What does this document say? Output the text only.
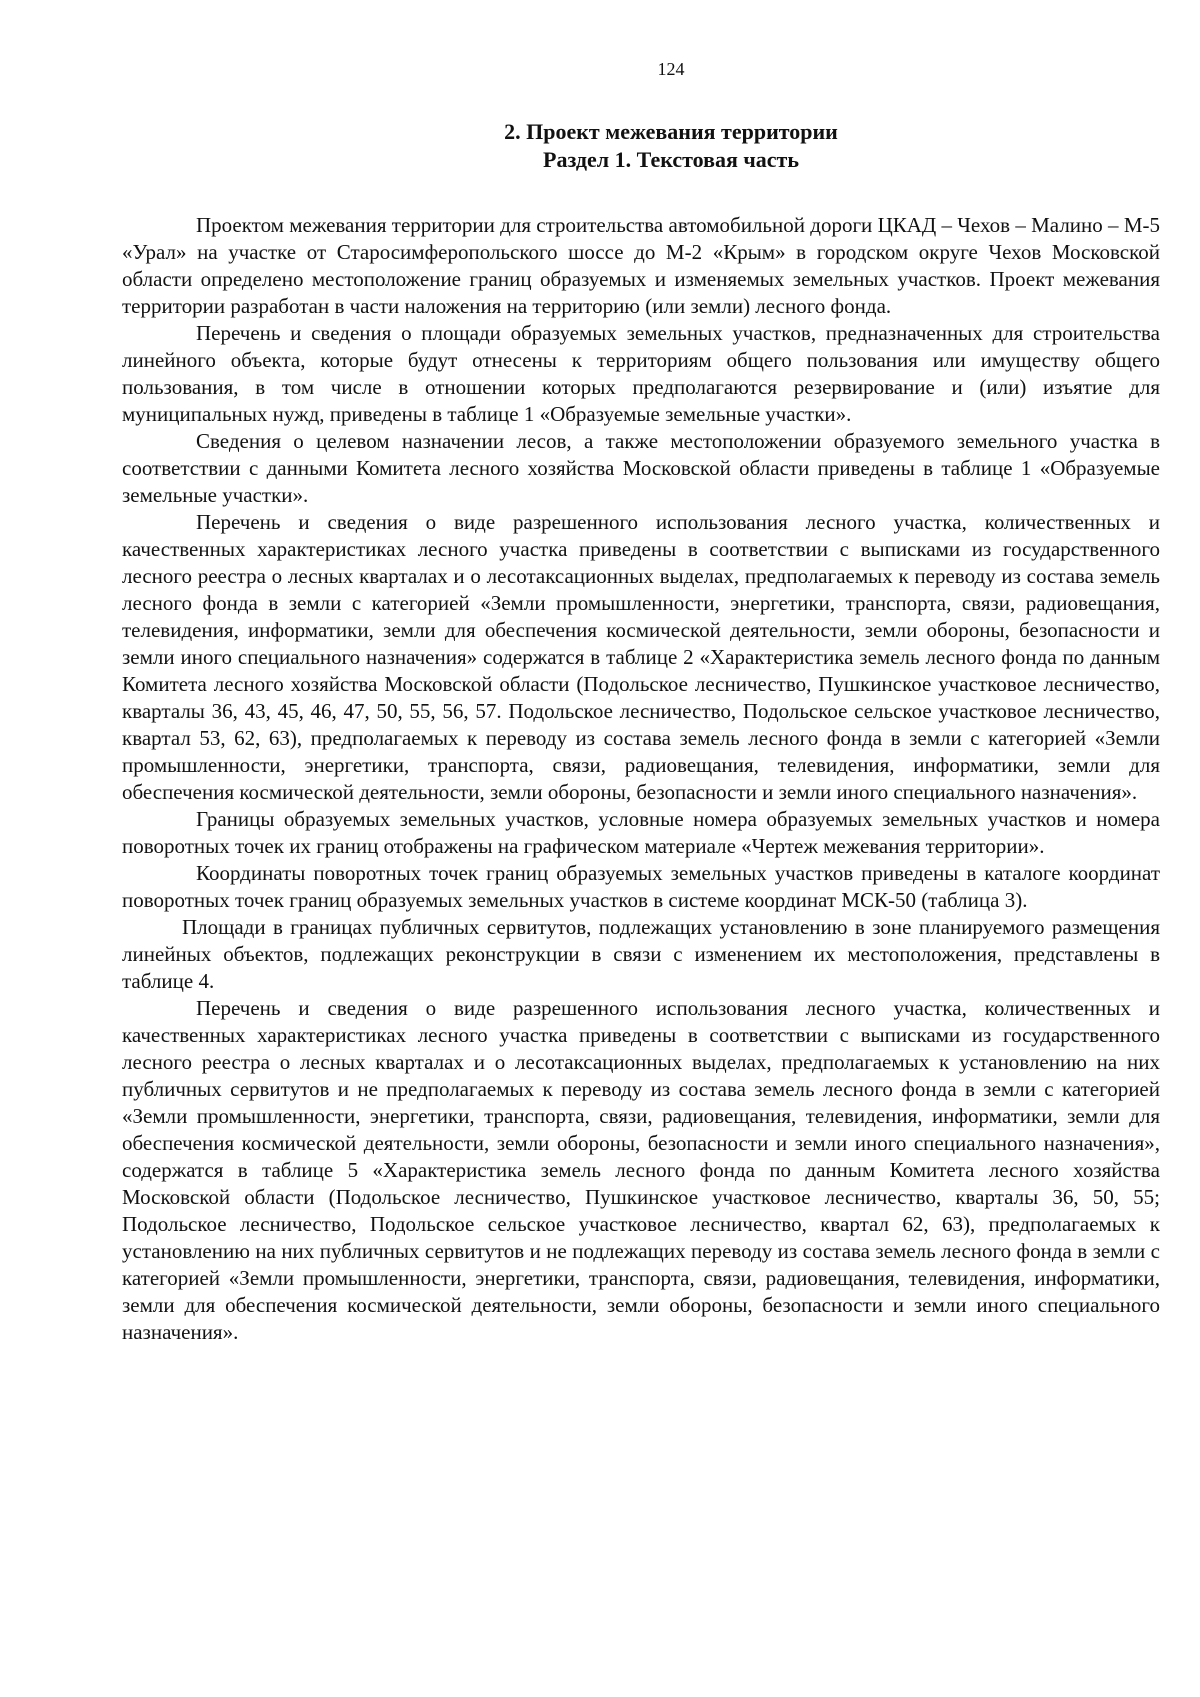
124
2. Проект межевания территории
Раздел 1. Текстовая часть

Проектом межевания территории для строительства автомобильной дороги ЦКАД – Чехов – Малино – М-5 «Урал» на участке от Старосимферопольского шоссе до М-2 «Крым» в городском округе Чехов Московской области определено местоположение границ образуемых и изменяемых земельных участков. Проект межевания территории разработан в части наложения на территорию (или земли) лесного фонда.

Перечень и сведения о площади образуемых земельных участков, предназначенных для строительства линейного объекта, которые будут отнесены к территориям общего пользования или имуществу общего пользования, в том числе в отношении которых предполагаются резервирование и (или) изъятие для муниципальных нужд, приведены в таблице 1 «Образуемые земельные участки».

Сведения о целевом назначении лесов, а также местоположении образуемого земельного участка в соответствии с данными Комитета лесного хозяйства Московской области приведены в таблице 1 «Образуемые земельные участки».

Перечень и сведения о виде разрешенного использования лесного участка, количественных и качественных характеристиках лесного участка приведены в соответствии с выписками из государственного лесного реестра о лесных кварталах и о лесотаксационных выделах, предполагаемых к переводу из состава земель лесного фонда в земли с категорией «Земли промышленности, энергетики, транспорта, связи, радиовещания, телевидения, информатики, земли для обеспечения космической деятельности, земли обороны, безопасности и земли иного специального назначения» содержатся в таблице 2 «Характеристика земель лесного фонда по данным Комитета лесного хозяйства Московской области (Подольское лесничество, Пушкинское участковое лесничество, кварталы 36, 43, 45, 46, 47, 50, 55, 56, 57. Подольское лесничество, Подольское сельское участковое лесничество, квартал 53, 62, 63), предполагаемых к переводу из состава земель лесного фонда в земли с категорией «Земли промышленности, энергетики, транспорта, связи, радиовещания, телевидения, информатики, земли для обеспечения космической деятельности, земли обороны, безопасности и земли иного специального назначения».

Границы образуемых земельных участков, условные номера образуемых земельных участков и номера поворотных точек их границ отображены на графическом материале «Чертеж межевания территории».

Координаты поворотных точек границ образуемых земельных участков приведены в каталоге координат поворотных точек границ образуемых земельных участков в системе координат МСК-50 (таблица 3).

Площади в границах публичных сервитутов, подлежащих установлению в зоне планируемого размещения линейных объектов, подлежащих реконструкции в связи с изменением их местоположения, представлены в таблице 4.

Перечень и сведения о виде разрешенного использования лесного участка, количественных и качественных характеристиках лесного участка приведены в соответствии с выписками из государственного лесного реестра о лесных кварталах и о лесотаксационных выделах, предполагаемых к установлению на них публичных сервитутов и не предполагаемых к переводу из состава земель лесного фонда в земли с категорией «Земли промышленности, энергетики, транспорта, связи, радиовещания, телевидения, информатики, земли для обеспечения космической деятельности, земли обороны, безопасности и земли иного специального назначения», содержатся в таблице 5 «Характеристика земель лесного фонда по данным Комитета лесного хозяйства Московской области (Подольское лесничество, Пушкинское участковое лесничество, кварталы 36, 50, 55; Подольское лесничество, Подольское сельское участковое лесничество, квартал 62, 63), предполагаемых к установлению на них публичных сервитутов и не подлежащих переводу из состава земель лесного фонда в земли с категорией «Земли промышленности, энергетики, транспорта, связи, радиовещания, телевидения, информатики, земли для обеспечения космической деятельности, земли обороны, безопасности и земли иного специального назначения».
